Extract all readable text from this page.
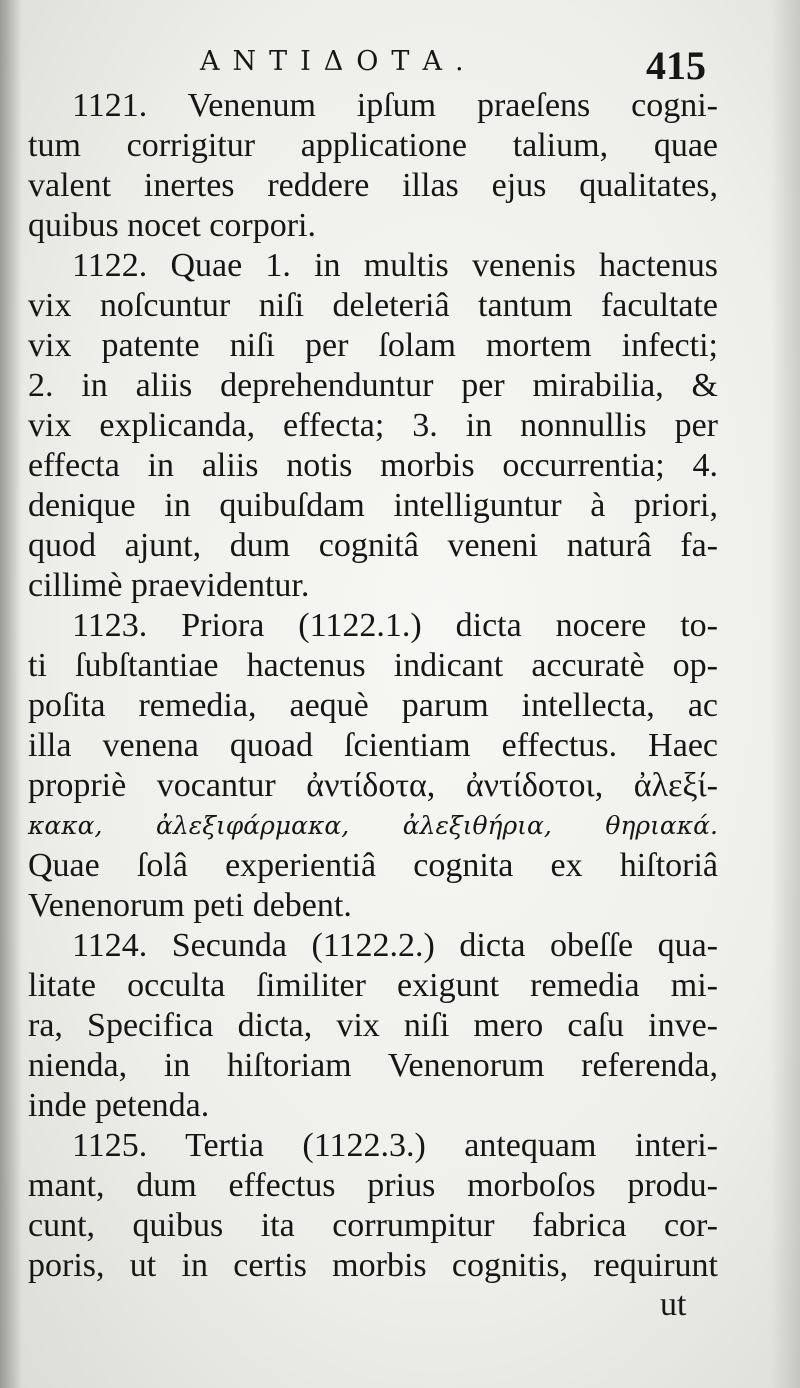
ΑΝΤΙΔΟΤΑ.	415
1121. Venenum ipſum praeſens cogni-
tum corrigitur applicatione talium, quae
valent inertes reddere illas ejus qualitates,
quibus nocet corpori.
1122. Quae 1. in multis venenis hactenus
vix noſcuntur niſi deleteriâ tantum facultate
vix patente niſi per ſolam mortem infecti;
2. in aliis deprehenduntur per mirabilia, &
vix explicanda, effecta; 3. in nonnullis per
effecta in aliis notis morbis occurrentia; 4.
denique in quibuſdam intelliguntur à priori,
quod ajunt, dum cognitâ veneni naturâ fa-
cillimè praevidentur.
1123. Priora (1122.1.) dicta nocere to-
ti ſubſtantiae hactenus indicant accuratè op-
poſita remedia, aequè parum intellecta, ac
illa venena quoad ſcientiam effectus. Haec
propriè vocantur ἀντίδοτα, ἀντίδοτοι, ἀλεξί-
κακα, ἀλεξιφάρμακα, ἀλεξιθήρια, θηριακά.
Quae ſolâ experientiâ cognita ex hiſtoriâ
Venenorum peti debent.
1124. Secunda (1122.2.) dicta obeſſe qua-
litate occulta ſimiliter exigunt remedia mi-
ra, Specifica dicta, vix niſi mero caſu inve-
nienda, in hiſtoriam Venenorum referenda,
inde petenda.
1125. Tertia (1122.3.) antequam interi-
mant, dum effectus prius morboſos produ-
cunt, quibus ita corrumpitur fabrica cor-
poris, ut in certis morbis cognitis, requirunt
ut
